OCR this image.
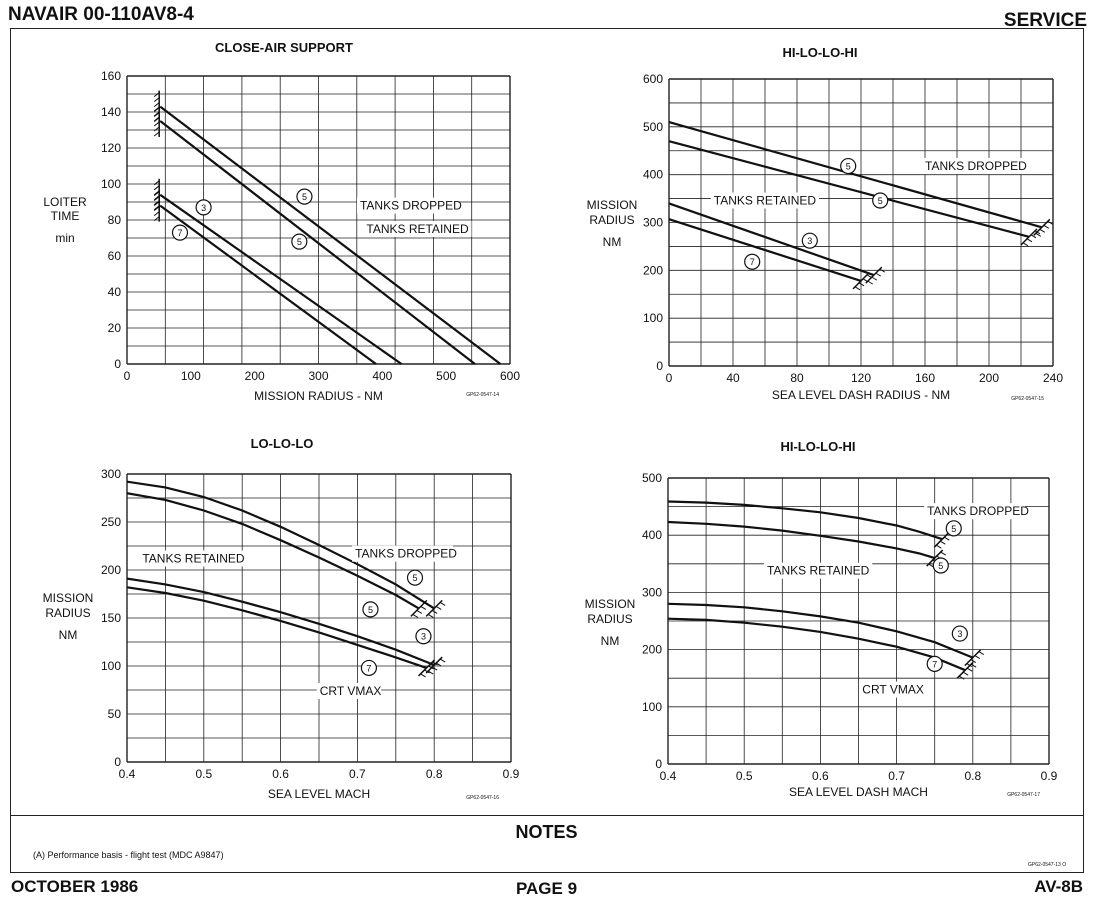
NAVAIR 00-110AV8-4	SERVICE
NOTES
(A) Performance basis - flight test (MDC A9847)
GP62-0547-13 O
OCTOBER 1986	PAGE 9	AV-8B
CLOSE-AIR SUPPORT
0	100	200	300	400	500	600
0
20
40
60
80
100
120
140
160
MISSION RADIUS - NM
LOITER
TIME
min
GP62-0547-14
TANKS DROPPED
TANKS RETAINED
5
5
3
7
HI-LO-LO-HI
0	40	80	120	160	200	240
0
100
200
300
400
500
600
SEA LEVEL DASH RADIUS - NM
MISSION
RADIUS
NM
GP62-0547-15
TANKS DROPPED
TANKS RETAINED
5
5
3
7
LO-LO-LO
0.4	0.5	0.6	0.7	0.8	0.9
0
50
100
150
200
250
300
SEA LEVEL MACH
MISSION
RADIUS
NM
GP62-0547-16
TANKS DROPPED
TANKS RETAINED
5
5
3
7
CRT VMAX
HI-LO-LO-HI
0.4	0.5	0.6	0.7	0.8	0.9
0
100
200
300
400
500
SEA LEVEL DASH MACH
MISSION
RADIUS
NM
GP62-0547-17
TANKS DROPPED
TANKS RETAINED
5
5
3
7
CRT VMAX
